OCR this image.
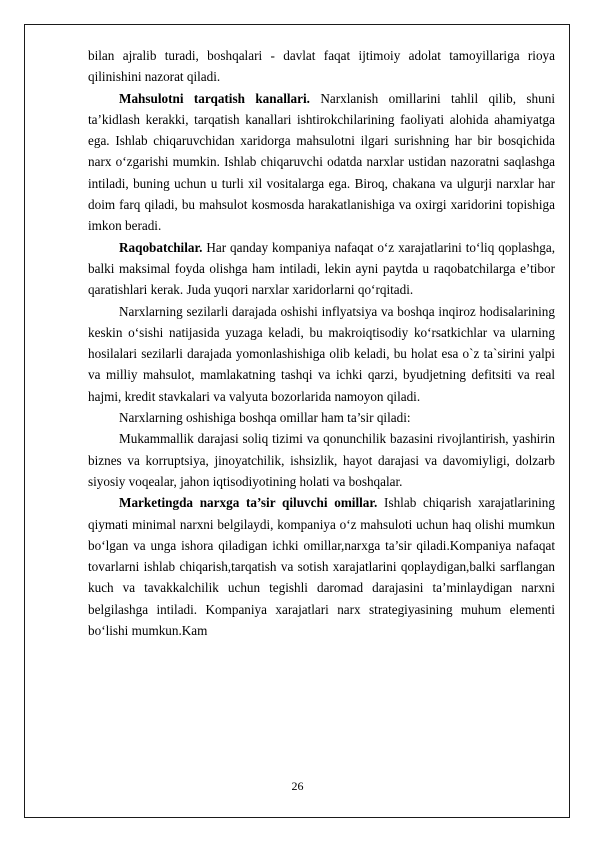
bilan ajralib turadi, boshqalari - davlat faqat ijtimoiy adolat tamoyillariga rioya qilinishini nazorat qiladi.

Mahsulotni tarqatish kanallari. Narxlanish omillarini tahlil qilib, shuni ta’kidlash kerakki, tarqatish kanallari ishtirokchilarining faoliyati alohida ahamiyatga ega. Ishlab chiqaruvchidan xaridorga mahsulotni ilgari surishning har bir bosqichida narx o‘zgarishi mumkin. Ishlab chiqaruvchi odatda narxlar ustidan nazoratni saqlashga intiladi, buning uchun u turli xil vositalarga ega. Biroq, chakana va ulgurji narxlar har doim farq qiladi, bu mahsulot kosmosda harakatlanishiga va oxirgi xaridorini topishiga imkon beradi.

Raqobatchilar. Har qanday kompaniya nafaqat o‘z xarajatlarini to‘liq qoplashga, balki maksimal foyda olishga ham intiladi, lekin ayni paytda u raqobatchilarga e’tibor qaratishlari kerak. Juda yuqori narxlar xaridorlarni qo‘rqitadi.

Narxlarning sezilarli darajada oshishi inflyatsiya va boshqa inqiroz hodisalarining keskin o‘sishi natijasida yuzaga keladi, bu makroiqtisodiy ko‘rsatkichlar va ularning hosilalari sezilarli darajada yomonlashishiga olib keladi, bu holat esa o`z ta`sirini yalpi va milliy mahsulot, mamlakatning tashqi va ichki qarzi, byudjetning defitsiti va real hajmi, kredit stavkalari va valyuta bozorlarida namoyon qiladi.

Narxlarning oshishiga boshqa omillar ham ta’sir qiladi:

Mukammallik darajasi soliq tizimi va qonunchilik bazasini rivojlantirish, yashirin biznes va korruptsiya, jinoyatchilik, ishsizlik, hayot darajasi va davomiyligi, dolzarb siyosiy voqealar, jahon iqtisodiyotining holati va boshqalar.

Marketingda narxga ta’sir qiluvchi omillar. Ishlab chiqarish xarajatlarining qiymati minimal narxni belgilaydi, kompaniya o‘z mahsuloti uchun haq olishi mumkun bo‘lgan va unga ishora qiladigan ichki omillar,narxga ta’sir qiladi.Kompaniya nafaqat tovarlarni ishlab chiqarish,tarqatish va sotish xarajatlarini qoplaydigan,balki sarflangan kuch va tavakkalchilik uchun tegishli daromad darajasini ta’minlaydigan narxni belgilashga intiladi. Kompaniya xarajatlari narx strategiyasining muhum elementi bo‘lishi mumkun.Kam

26
